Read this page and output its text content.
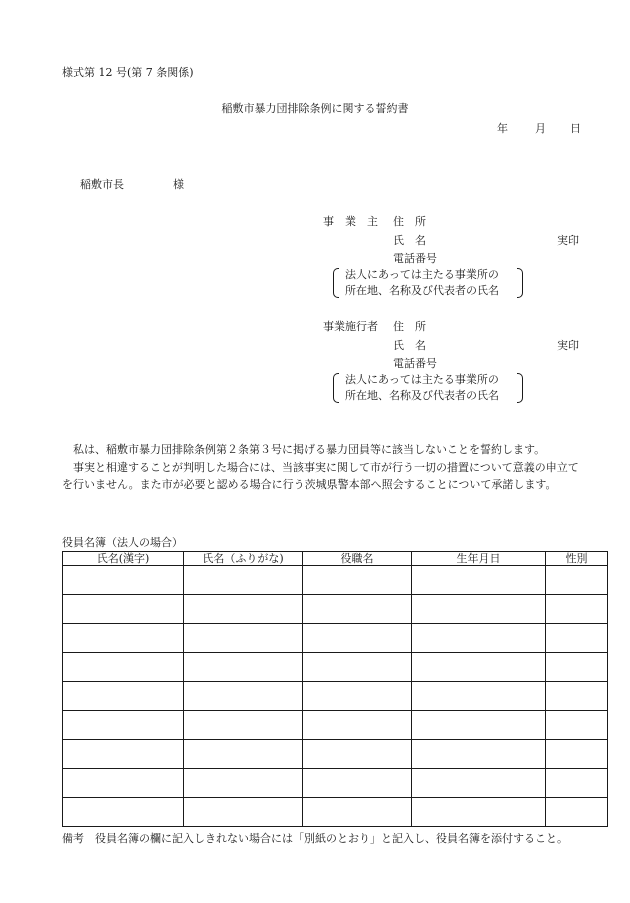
様式第 12 号(第 7 条関係)
稲敷市暴力団排除条例に関する誓約書
年 月 日
稲敷市長	様
事　業　主 住　所
氏　名	実印
電話番号
法人にあっては主たる事業所の
所在地、名称及び代表者の氏名
事業施行者 住　所
氏　名	実印
電話番号
法人にあっては主たる事業所の
所在地、名称及び代表者の氏名
私は、稲敷市暴力団排除条例第２条第３号に掲げる暴力団員等に該当しないことを誓約します。
事実と相違することが判明した場合には、当該事実に関して市が行う一切の措置について意義の申立てを行いません。また市が必要と認める場合に行う茨城県警本部へ照会することについて承諾します。
役員名簿（法人の場合）
氏名(漢字)	氏名（ふりがな)	役職名	生年月日	性別

備考　役員名簿の欄に記入しきれない場合には「別紙のとおり」と記入し、役員名簿を添付すること。
